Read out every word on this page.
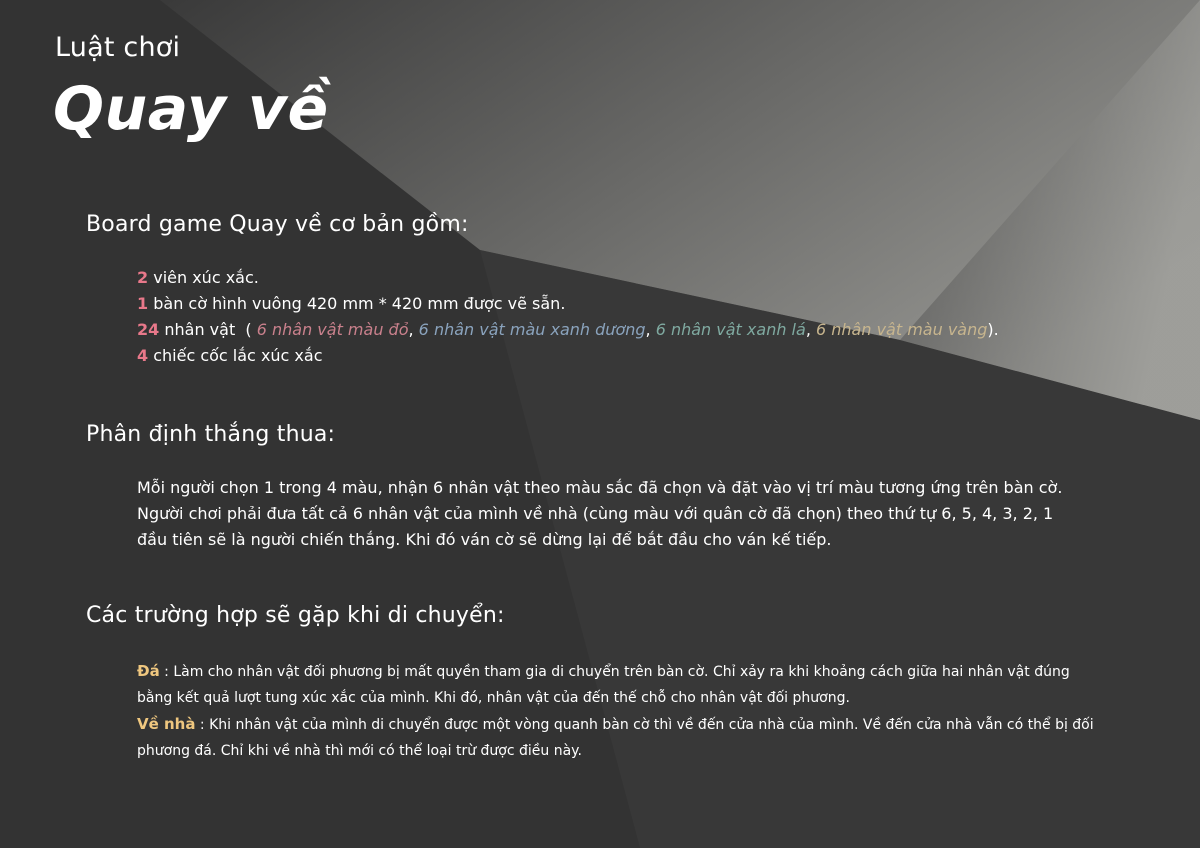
Luật chơi
Quay về
Board game Quay về cơ bản gồm:
2 viên xúc xắc.
1 bàn cờ hình vuông 420 mm * 420 mm được vẽ sẵn.
24 nhân vật  ( 6 nhân vật màu đỏ, 6 nhân vật màu xanh dương, 6 nhân vật xanh lá, 6 nhân vật màu vàng).
4 chiếc cốc lắc xúc xắc
Phân định thắng thua:

Mỗi người chọn 1 trong 4 màu, nhận 6 nhân vật theo màu sắc đã chọn và đặt vào vị trí màu tương ứng trên bàn cờ.

Người chơi phải đưa tất cả 6 nhân vật của mình về nhà (cùng màu với quân cờ đã chọn) theo thứ tự 6, 5, 4, 3, 2, 1

đầu tiên sẽ là người chiến thắng. Khi đó ván cờ sẽ dừng lại để bắt đầu cho ván kế tiếp.

Các trường hợp sẽ gặp khi di chuyển:

Đá : Làm cho nhân vật đối phương bị mất quyền tham gia di chuyển trên bàn cờ. Chỉ xảy ra khi khoảng cách giữa hai nhân vật đúng

bằng kết quả lượt tung xúc xắc của mình. Khi đó, nhân vật của đến thế chỗ cho nhân vật đối phương.

Về nhà : Khi nhân vật của mình di chuyển được một vòng quanh bàn cờ thì về đến cửa nhà của mình. Về đến cửa nhà vẫn có thể bị đối

phương đá. Chỉ khi về nhà thì mới có thể loại trừ được điều này.
